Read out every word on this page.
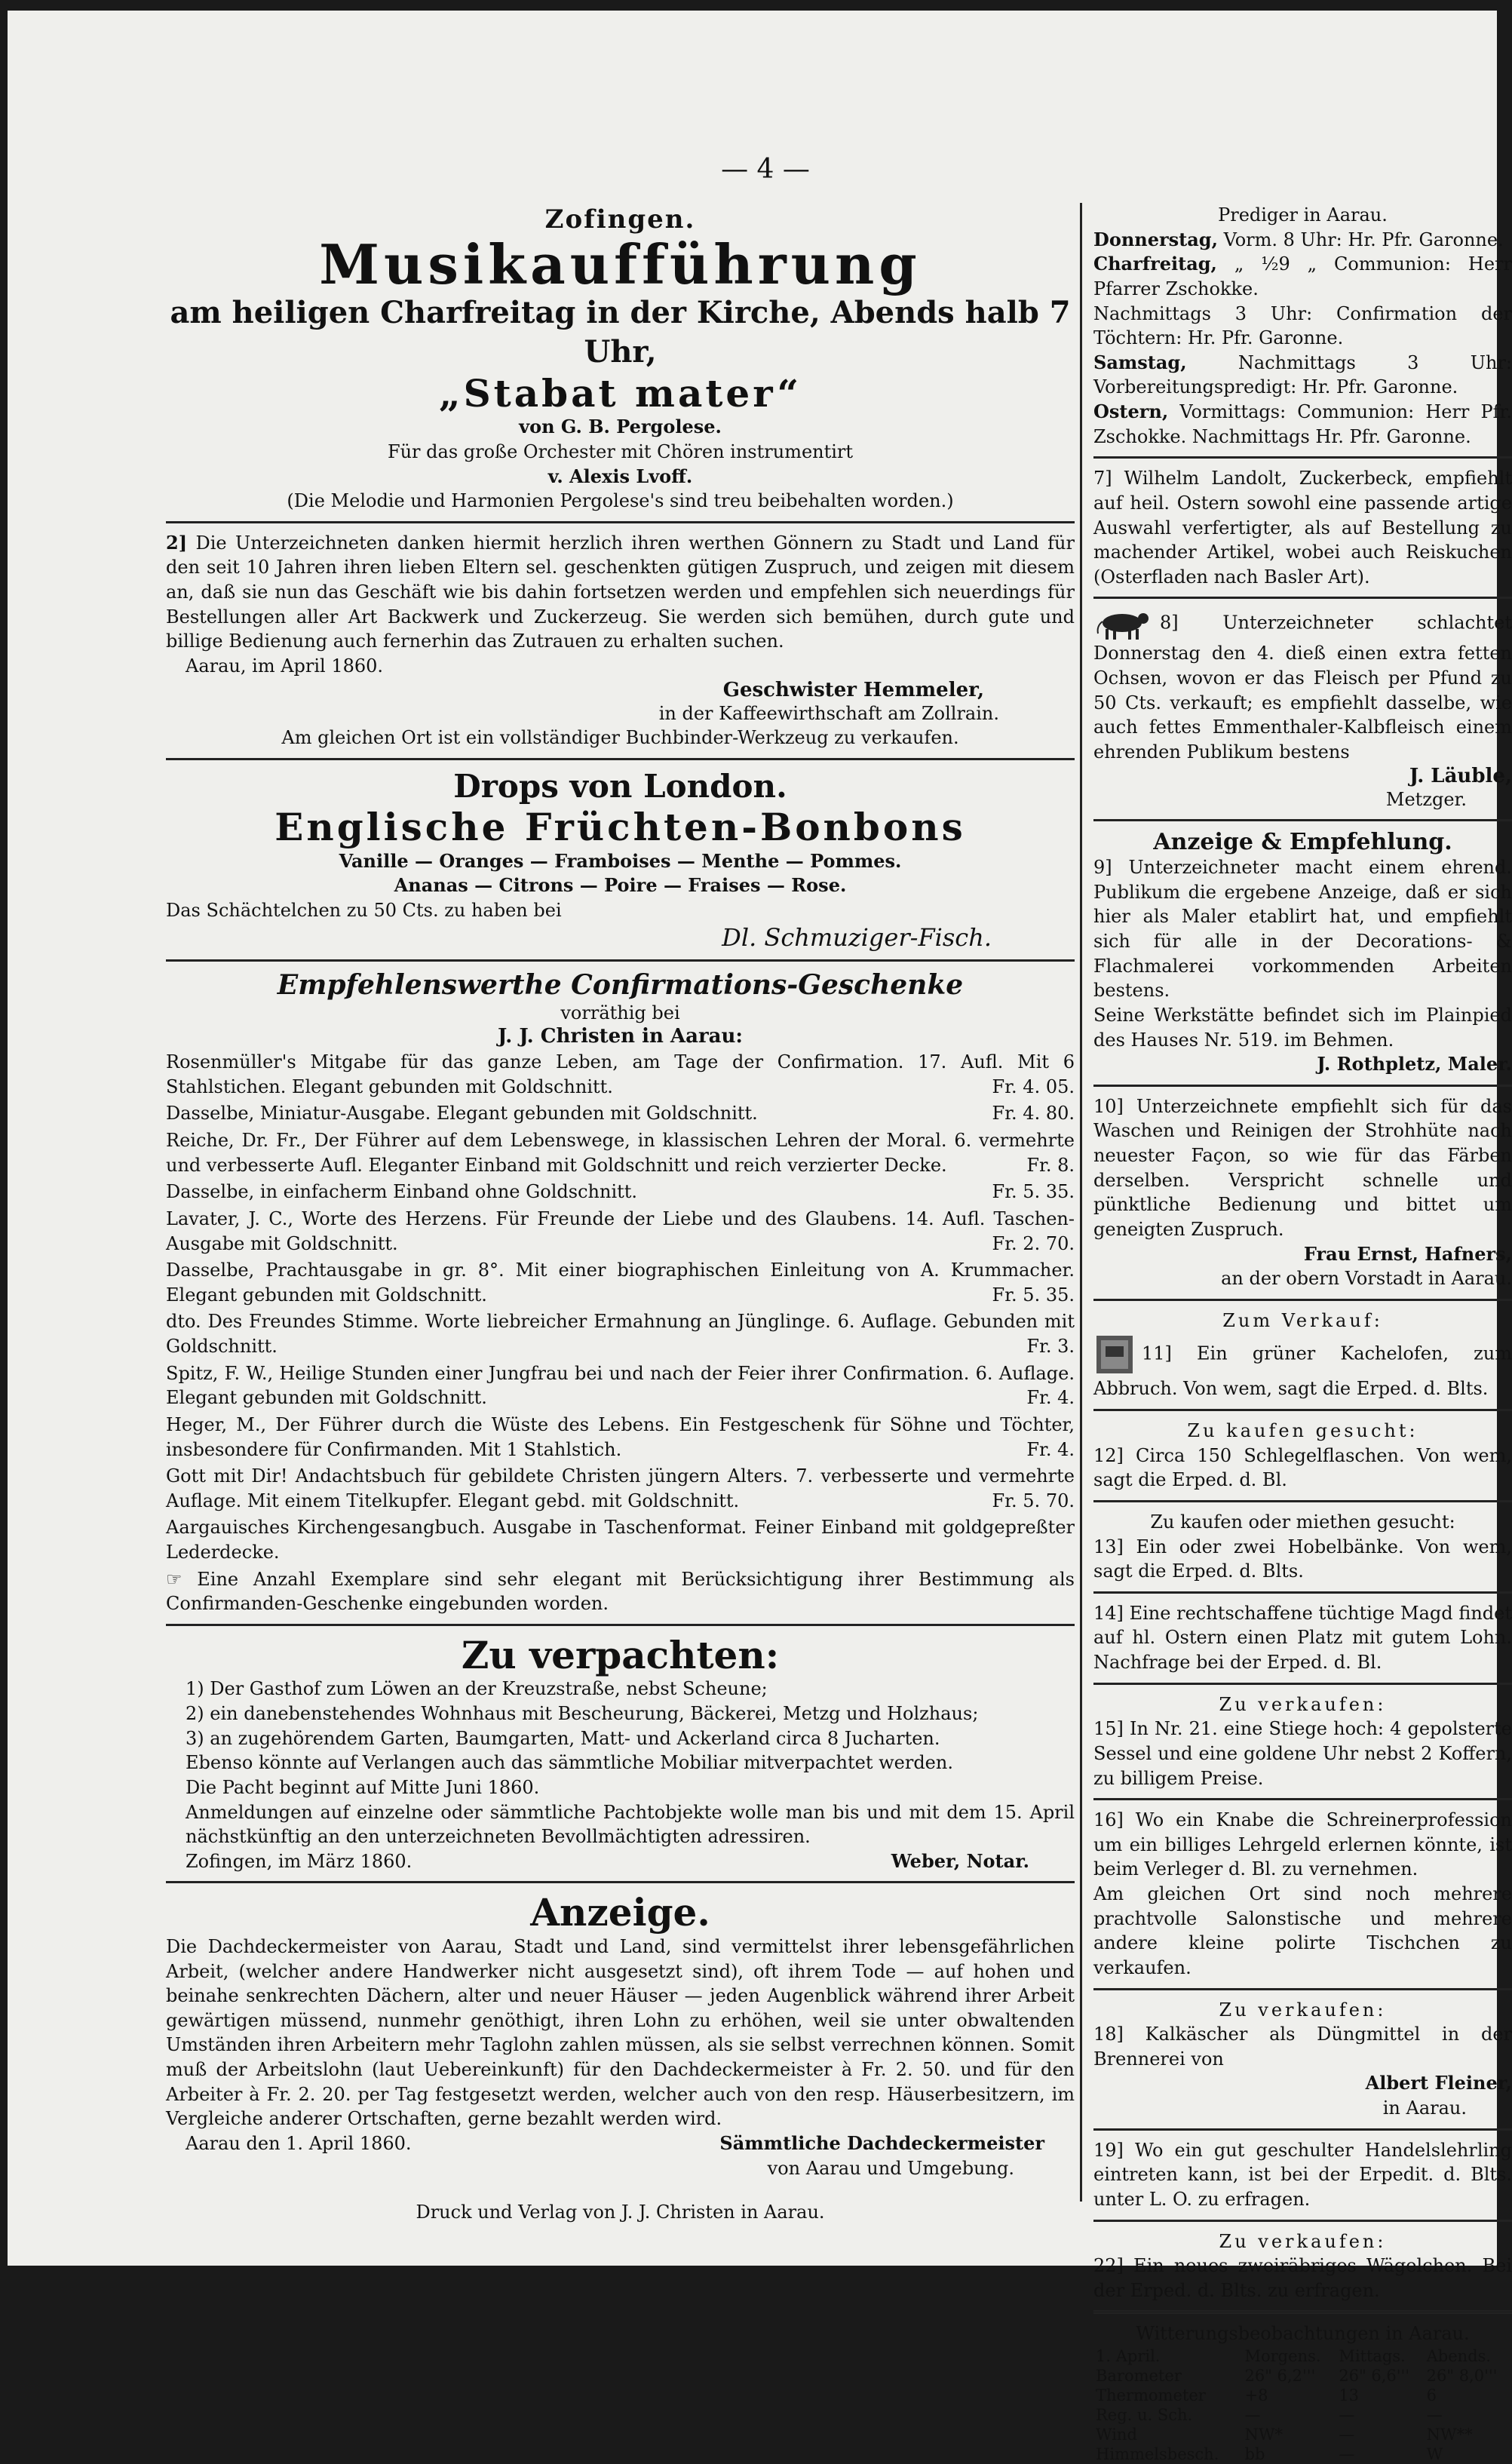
— 4 —
Zofingen.
Musikaufführung
am heiligen Charfreitag in der Kirche, Abends halb 7 Uhr,
„Stabat mater“
von G. B. Pergolese.
Für das große Orchester mit Chören instrumentirt
v. Alexis Lvoff.
(Die Melodie und Harmonien Pergolese's sind treu beibehalten worden.)
2] Die Unterzeichneten danken hiermit herzlich ihren werthen Gönnern zu Stadt und Land für den seit 10 Jahren ihren lieben Eltern sel. geschenkten gütigen Zuspruch, und zeigen mit diesem an, daß sie nun das Geschäft wie bis dahin fortsetzen werden und empfehlen sich neuerdings für Bestellungen aller Art Backwerk und Zuckerzeug. Sie werden sich bemühen, durch gute und billige Bedienung auch fernerhin das Zutrauen zu erhalten suchen.
Aarau, im April 1860.
Geschwister Hemmeler,
in der Kaffeewirthschaft am Zollrain.
Am gleichen Ort ist ein vollständiger Buchbinder-Werkzeug zu verkaufen.
Drops von London.
Englische Früchten-Bonbons
Vanille — Oranges — Framboises — Menthe — Pommes.
Ananas — Citrons — Poire — Fraises — Rose.
Das Schächtelchen zu 50 Cts. zu haben bei
Dl. Schmuziger-Fisch.
Empfehlenswerthe Confirmations-Geschenke
vorräthig bei
J. J. Christen in Aarau:
Rosenmüller's Mitgabe für das ganze Leben, am Tage der Confirmation. 17. Aufl. Mit 6 Stahlstichen. Elegant gebunden mit Goldschnitt.	Fr. 4. 05.
Dasselbe, Miniatur-Ausgabe. Elegant gebunden mit Goldschnitt.	Fr. 4. 80.
Reiche, Dr. Fr., Der Führer auf dem Lebenswege, in klassischen Lehren der Moral. 6. vermehrte und verbesserte Aufl. Eleganter Einband mit Goldschnitt und reich verzierter Decke.	Fr. 8.
Dasselbe, in einfacherm Einband ohne Goldschnitt.	Fr. 5. 35.
Lavater, J. C., Worte des Herzens. Für Freunde der Liebe und des Glaubens. 14. Aufl. Taschen-Ausgabe mit Goldschnitt.	Fr. 2. 70.
Dasselbe, Prachtausgabe in gr. 8°. Mit einer biographischen Einleitung von A. Krummacher. Elegant gebunden mit Goldschnitt.	Fr. 5. 35.
dto. Des Freundes Stimme. Worte liebreicher Ermahnung an Jünglinge. 6. Auflage. Gebunden mit Goldschnitt.	Fr. 3.
Spitz, F. W., Heilige Stunden einer Jungfrau bei und nach der Feier ihrer Confirmation. 6. Auflage. Elegant gebunden mit Goldschnitt.	Fr. 4.
Heger, M., Der Führer durch die Wüste des Lebens. Ein Festgeschenk für Söhne und Töchter, insbesondere für Confirmanden. Mit 1 Stahlstich.	Fr. 4.
Gott mit Dir! Andachtsbuch für gebildete Christen jüngern Alters. 7. verbesserte und vermehrte Auflage. Mit einem Titelkupfer. Elegant gebd. mit Goldschnitt.	Fr. 5. 70.
Aargauisches Kirchengesangbuch. Ausgabe in Taschenformat. Feiner Einband mit goldgepreßter Lederdecke.
☞ Eine Anzahl Exemplare sind sehr elegant mit Berücksichtigung ihrer Bestimmung als Confirmanden-Geschenke eingebunden worden.
Zu verpachten:
1) Der Gasthof zum Löwen an der Kreuzstraße, nebst Scheune;
2) ein danebenstehendes Wohnhaus mit Bescheurung, Bäckerei, Metzg und Holzhaus;
3) an zugehörendem Garten, Baumgarten, Matt- und Ackerland circa 8 Jucharten.
Ebenso könnte auf Verlangen auch das sämmtliche Mobiliar mitverpachtet werden.
Die Pacht beginnt auf Mitte Juni 1860.
Anmeldungen auf einzelne oder sämmtliche Pachtobjekte wolle man bis und mit dem 15. April nächstkünftig an den unterzeichneten Bevollmächtigten adressiren.
Zofingen, im März 1860.	Weber, Notar.
Anzeige.
Die Dachdeckermeister von Aarau, Stadt und Land, sind vermittelst ihrer lebensgefährlichen Arbeit, (welcher andere Handwerker nicht ausgesetzt sind), oft ihrem Tode — auf hohen und beinahe senkrechten Dächern, alter und neuer Häuser — jeden Augenblick während ihrer Arbeit gewärtigen müssend, nunmehr genöthigt, ihren Lohn zu erhöhen, weil sie unter obwaltenden Umständen ihren Arbeitern mehr Taglohn zahlen müssen, als sie selbst verrechnen können. Somit muß der Arbeitslohn (laut Uebereinkunft) für den Dachdeckermeister à Fr. 2. 50. und für den Arbeiter à Fr. 2. 20. per Tag festgesetzt werden, welcher auch von den resp. Häuserbesitzern, im Vergleiche anderer Ortschaften, gerne bezahlt werden wird.
Aarau den 1. April 1860.	Sämmtliche Dachdeckermeister
von Aarau und Umgebung.
Prediger in Aarau.
Donnerstag, Vorm. 8 Uhr: Hr. Pfr. Garonne.
Charfreitag, „ ½9 „ Communion: Herr Pfarrer Zschokke.
Nachmittags 3 Uhr: Confirmation der Töchtern: Hr. Pfr. Garonne.
Samstag,	Nachmittags 3 Uhr: Vorbereitungspredigt: Hr. Pfr. Garonne.
Ostern, Vormittags: Communion: Herr Pfr. Zschokke. Nachmittags Hr. Pfr. Garonne.
7] Wilhelm Landolt, Zuckerbeck, empfiehlt auf heil. Ostern sowohl eine passende artige Auswahl verfertigter, als auf Bestellung zu machender Artikel, wobei auch Reiskuchen (Osterfladen nach Basler Art).
8] Unterzeichneter schlachtet Donnerstag den 4. dieß einen extra fetten Ochsen, wovon er das Fleisch per Pfund zu 50 Cts. verkauft; es empfiehlt dasselbe, wie auch fettes Emmenthaler-Kalbfleisch einem ehrenden Publikum bestens
J. Läuble,
Metzger.
Anzeige & Empfehlung.
9] Unterzeichneter macht einem ehrend. Publikum die ergebene Anzeige, daß er sich hier als Maler etablirt hat, und empfiehlt sich für alle in der Decorations- & Flachmalerei vorkommenden Arbeiten bestens.
Seine Werkstätte befindet sich im Plainpied des Hauses Nr. 519. im Behmen.
J. Rothpletz, Maler.
10] Unterzeichnete empfiehlt sich für das Waschen und Reinigen der Strohhüte nach neuester Façon, so wie für das Färben derselben. Verspricht schnelle und pünktliche Bedienung und bittet um geneigten Zuspruch.
Frau Ernst, Hafners,
an der obern Vorstadt in Aarau.
Zum Verkauf:
11] Ein grüner Kachelofen, zum Abbruch. Von wem, sagt die Erped. d. Blts.
Zu kaufen gesucht:
12] Circa 150 Schlegelflaschen. Von wem, sagt die Erped. d. Bl.
Zu kaufen oder miethen gesucht:
13] Ein oder zwei Hobelbänke. Von wem, sagt die Erped. d. Blts.
14] Eine rechtschaffene tüchtige Magd findet auf hl. Ostern einen Platz mit gutem Lohn. Nachfrage bei der Erped. d. Bl.
Zu verkaufen:
15] In Nr. 21. eine Stiege hoch: 4 gepolsterte Sessel und eine goldene Uhr nebst 2 Koffern, zu billigem Preise.
16] Wo ein Knabe die Schreinerprofession um ein billiges Lehrgeld erlernen könnte, ist beim Verleger d. Bl. zu vernehmen.
Am gleichen Ort sind noch mehrere prachtvolle Salonstische und mehrere andere kleine polirte Tischchen zu verkaufen.
Zu verkaufen:
18] Kalkäscher als Düngmittel in der Brennerei von
Albert Fleiner,
in Aarau.
19] Wo ein gut geschulter Handelslehrling eintreten kann, ist bei der Erpedit. d. Blts. unter L. O. zu erfragen.
Zu verkaufen:
22] Ein neues zweiräbriges Wägelchen. Bei der Erped. d. Blts. zu erfragen.
Witterungsbeobachtungen in Aarau.
1. April.	Morgens.	Mittags.	Abends.
Barometer	26" 6,2'''	26" 6,6'''	26" 8,0'''
Thermometer	+8	13	6
Reg. u. Sch.	—	—	—
Wind	NW*	—	NW**
Himmelsbesch.	bb	—	W
Druck und Verlag von J. J. Christen in Aarau.
